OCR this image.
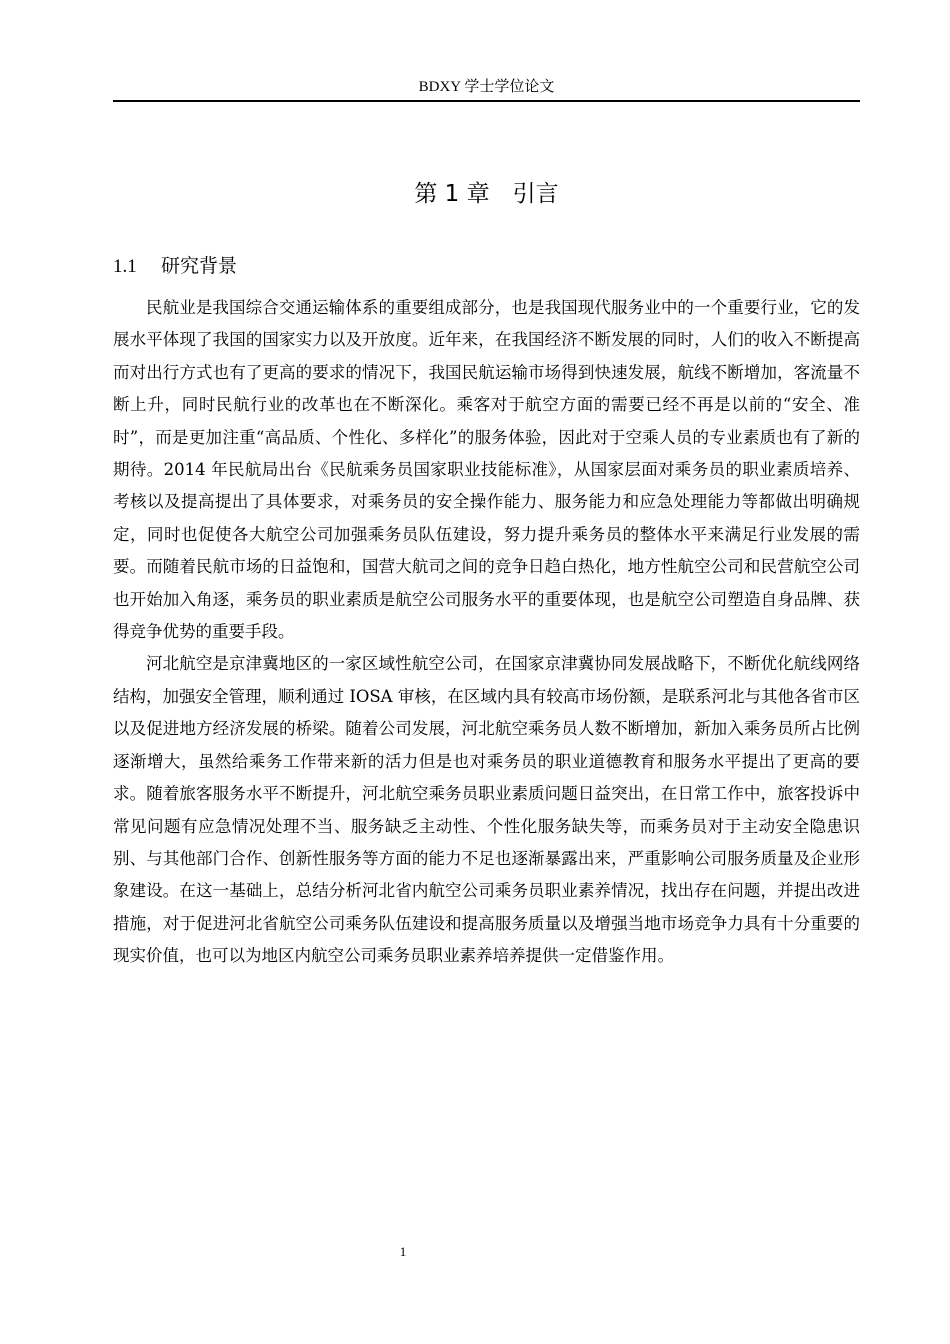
BDXY 学士学位论文
第 1 章　引言
1.1 研究背景

民航业是我国综合交通运输体系的重要组成部分，也是我国现代服务业中的一个重要行业，它的发展水平体现了我国的国家实力以及开放度。近年来，在我国经济不断发展的同时，人们的收入不断提高而对出行方式也有了更高的要求的情况下，我国民航运输市场得到快速发展，航线不断增加，客流量不断上升，同时民航行业的改革也在不断深化。乘客对于航空方面的需要已经不再是以前的“安全、准时”，而是更加注重“高品质、个性化、多样化”的服务体验，因此对于空乘人员的专业素质也有了新的期待。2014 年民航局出台《民航乘务员国家职业技能标准》，从国家层面对乘务员的职业素质培养、考核以及提高提出了具体要求，对乘务员的安全操作能力、服务能力和应急处理能力等都做出明确规定，同时也促使各大航空公司加强乘务员队伍建设，努力提升乘务员的整体水平来满足行业发展的需要。而随着民航市场的日益饱和，国营大航司之间的竞争日趋白热化，地方性航空公司和民营航空公司也开始加入角逐，乘务员的职业素质是航空公司服务水平的重要体现，也是航空公司塑造自身品牌、获得竞争优势的重要手段。

河北航空是京津冀地区的一家区域性航空公司，在国家京津冀协同发展战略下，不断优化航线网络结构，加强安全管理，顺利通过 IOSA 审核，在区域内具有较高市场份额，是联系河北与其他各省市区以及促进地方经济发展的桥梁。随着公司发展，河北航空乘务员人数不断增加，新加入乘务员所占比例逐渐增大，虽然给乘务工作带来新的活力但是也对乘务员的职业道德教育和服务水平提出了更高的要求。随着旅客服务水平不断提升，河北航空乘务员职业素质问题日益突出，在日常工作中，旅客投诉中常见问题有应急情况处理不当、服务缺乏主动性、个性化服务缺失等，而乘务员对于主动安全隐患识别、与其他部门合作、创新性服务等方面的能力不足也逐渐暴露出来，严重影响公司服务质量及企业形象建设。在这一基础上，总结分析河北省内航空公司乘务员职业素养情况，找出存在问题，并提出改进措施，对于促进河北省航空公司乘务队伍建设和提高服务质量以及增强当地市场竞争力具有十分重要的现实价值，也可以为地区内航空公司乘务员职业素养培养提供一定借鉴作用。

1
